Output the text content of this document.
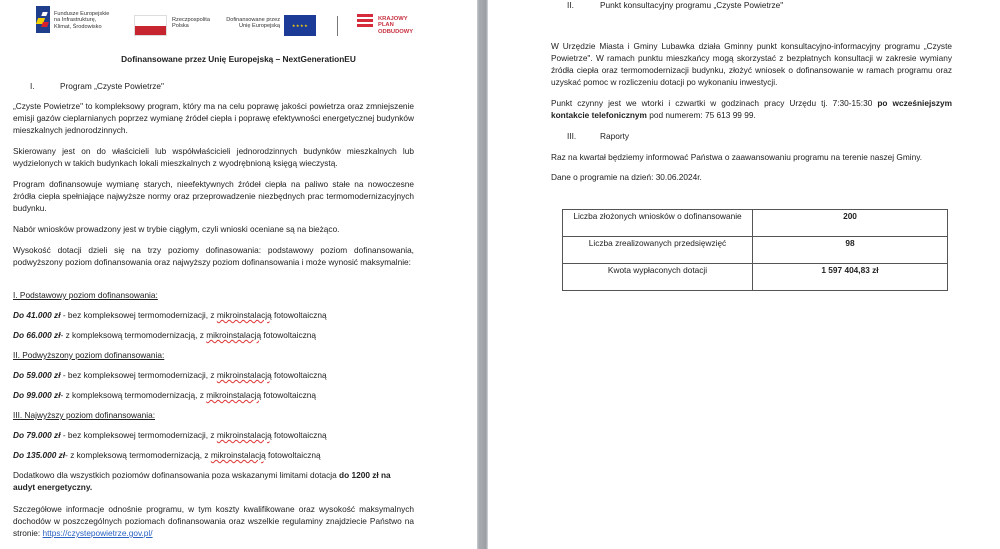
Fundusze Europejskie
na Infrastrukturę,
Klimat, Środowisko
Rzeczpospolita
Polska
Dofinansowane przez
Unię Europejską	★★★★
KRAJOWY
PLAN
ODBUDOWY
Dofinansowane przez Unię Europejską – NextGenerationEU
I.	Program „Czyste Powietrze"

„Czyste Powietrze" to kompleksowy program, który ma na celu poprawę jakości powietrza oraz zmniejszenie emisji gazów cieplarnianych poprzez wymianę źródeł ciepła i poprawę efektywności energetycznej budynków mieszkalnych jednorodzinnych.

Skierowany jest on do właścicieli lub współwłaścicieli jednorodzinnych budynków mieszkalnych lub wydzielonych w takich budynkach lokali mieszkalnych z wyodrębnioną księgą wieczystą.

Program dofinansowuje wymianę starych, nieefektywnych źródeł ciepła na paliwo stałe na nowoczesne źródła ciepła spełniające najwyższe normy oraz przeprowadzenie niezbędnych prac termomodernizacyjnych budynku.

Nabór wniosków prowadzony jest w trybie ciągłym, czyli wnioski oceniane są na bieżąco.

Wysokość dotacji dzieli się na trzy poziomy dofinasowania: podstawowy poziom dofinansowania, podwyższony poziom dofinansowania oraz najwyższy poziom dofinansowania i może wynosić maksymalnie:

I. Podstawowy poziom dofinansowania:

Do 41.000 zł - bez kompleksowej termomodernizacji, z mikroinstalacją fotowoltaiczną

Do 66.000 zł- z kompleksową termomodernizacją, z mikroinstalacją fotowoltaiczną

II. Podwyższony poziom dofinansowania:

Do 59.000 zł - bez kompleksowej termomodernizacji, z mikroinstalacją fotowoltaiczną

Do 99.000 zł- z kompleksową termomodernizacją, z mikroinstalacją fotowoltaiczną

III. Najwyższy poziom dofinansowania:

Do 79.000 zł - bez kompleksowej termomodernizacji, z mikroinstalacją fotowoltaiczną

Do 135.000 zł- z kompleksową termomodernizacją, z mikroinstalacją fotowoltaiczną

Dodatkowo dla wszystkich poziomów dofinansowania poza wskazanymi limitami dotacja do 1200 zł na audyt energetyczny.

Szczegółowe informacje odnośnie programu, w tym koszty kwalifikowane oraz wysokość maksymalnych dochodów w poszczególnych poziomach dofinansowania oraz wszelkie regulaminy znajdziecie Państwo na stronie: https://czystepowietrze.gov.pl/

II.	Punkt konsultacyjny programu „Czyste Powietrze"

W Urzędzie Miasta i Gminy Lubawka działa Gminny punkt konsultacyjno-informacyjny programu „Czyste Powietrze". W ramach punktu mieszkańcy mogą skorzystać z bezpłatnych konsultacji w zakresie wymiany źródła ciepła oraz termomodernizacji budynku, złożyć wniosek o dofinansowanie w ramach programu oraz uzyskać pomoc w rozliczeniu dotacji po wykonaniu inwestycji.

Punkt czynny jest we wtorki i czwartki w godzinach pracy Urzędu tj. 7:30-15:30 po wcześniejszym kontakcie telefonicznym pod numerem: 75 613 99 99.

III.	Raporty

Raz na kwartał będziemy informować Państwa o zaawansowaniu programu na terenie naszej Gminy.

Dane o programie na dzień: 30.06.2024r.

Liczba złożonych wniosków o dofinansowanie	200
Liczba zrealizowanych przedsięwzięć	98
Kwota wypłaconych dotacji	1 597 404,83 zł
